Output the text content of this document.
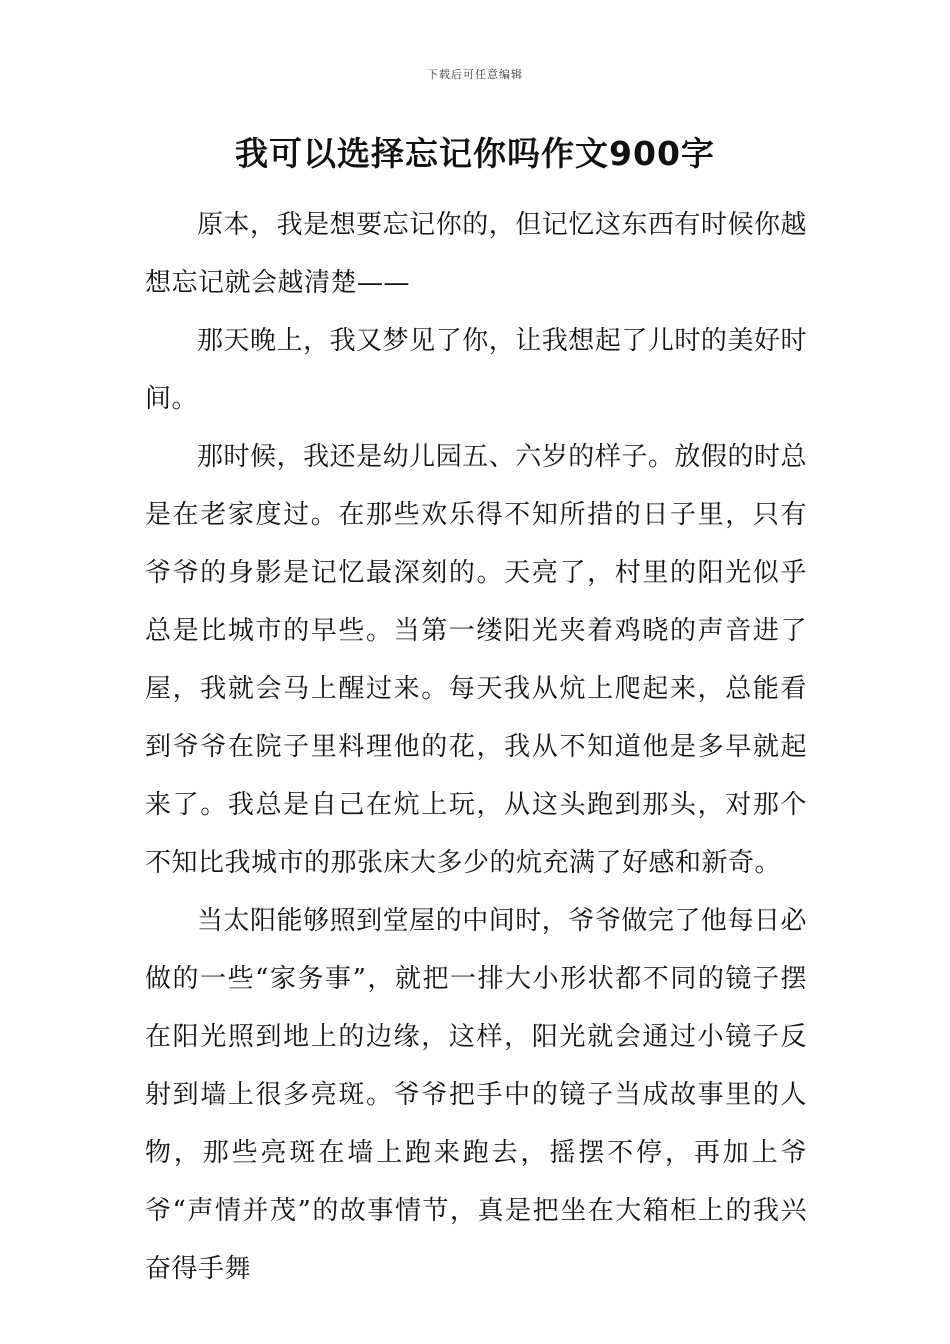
下载后可任意编辑
我可以选择忘记你吗作文900字

原本，我是想要忘记你的，但记忆这东西有时候你越想忘记就会越清楚——

那天晚上，我又梦见了你，让我想起了儿时的美好时间。

那时候，我还是幼儿园五、六岁的样子。放假的时总是在老家度过。在那些欢乐得不知所措的日子里，只有爷爷的身影是记忆最深刻的。天亮了，村里的阳光似乎总是比城市的早些。当第一缕阳光夹着鸡晓的声音进了屋，我就会马上醒过来。每天我从炕上爬起来，总能看到爷爷在院子里料理他的花，我从不知道他是多早就起来了。我总是自己在炕上玩，从这头跑到那头，对那个不知比我城市的那张床大多少的炕充满了好感和新奇。

当太阳能够照到堂屋的中间时，爷爷做完了他每日必做的一些“家务事”，就把一排大小形状都不同的镜子摆在阳光照到地上的边缘，这样，阳光就会通过小镜子反射到墙上很多亮斑。爷爷把手中的镜子当成故事里的人物，那些亮斑在墙上跑来跑去，摇摆不停，再加上爷爷“声情并茂”的故事情节，真是把坐在大箱柜上的我兴奋得手舞
